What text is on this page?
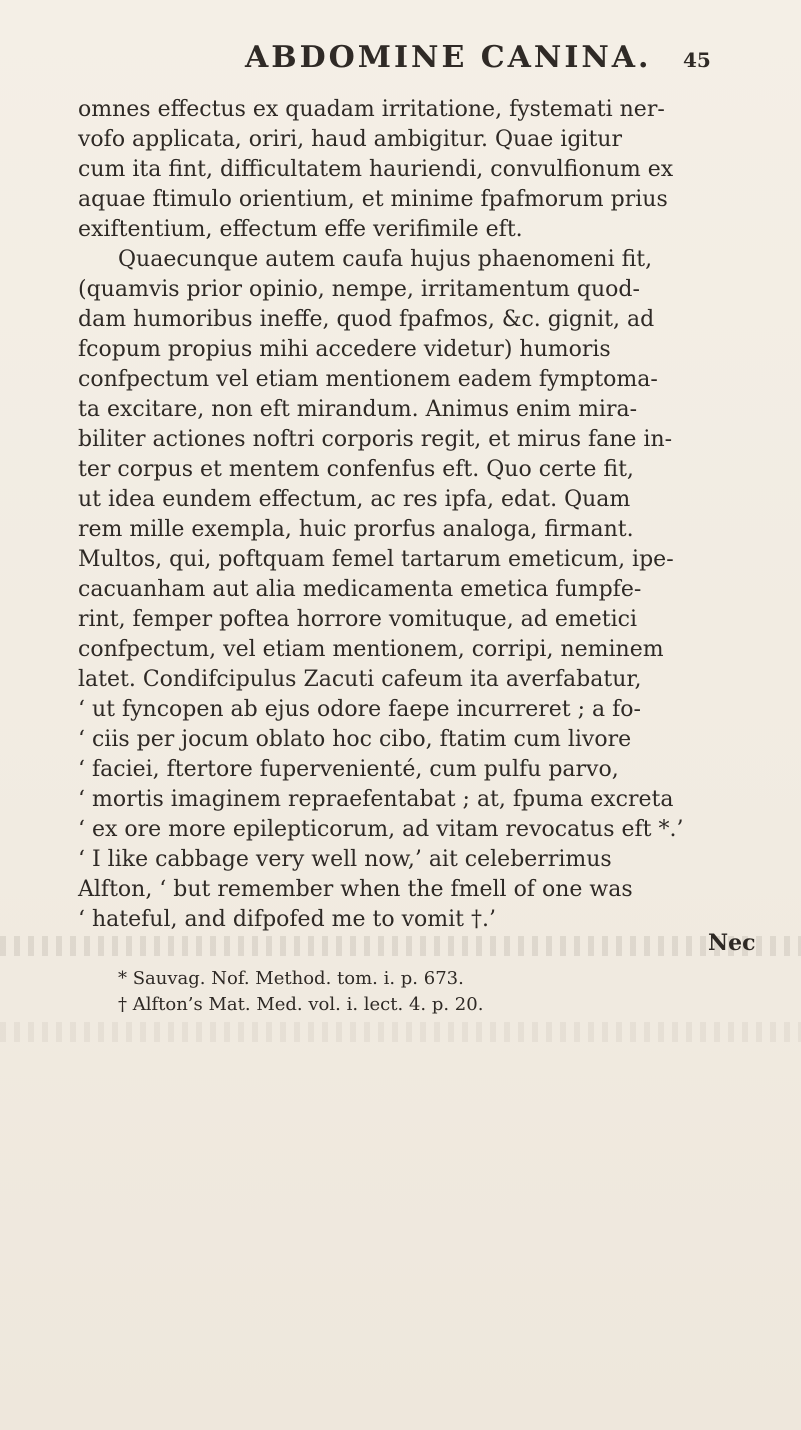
ABDOMINE CANINA. 45
omnes effectus ex quadam irritatione, fystemati ner-
vofo applicata, oriri, haud ambigitur. Quae igitur
cum ita fint, difficultatem hauriendi, convulfionum ex
aquae ftimulo orientium, et minime fpafmorum prius
exiftentium, effectum effe verifimile eft.
Quaecunque autem caufa hujus phaenomeni fit,
(quamvis prior opinio, nempe, irritamentum quod-
dam humoribus ineffe, quod fpafmos, &c. gignit, ad
fcopum propius mihi accedere videtur) humoris
confpectum vel etiam mentionem eadem fymptoma-
ta excitare, non eft mirandum. Animus enim mira-
biliter actiones noftri corporis regit, et mirus fane in-
ter corpus et mentem confenfus eft. Quo certe fit,
ut idea eundem effectum, ac res ipfa, edat. Quam
rem mille exempla, huic prorfus analoga, firmant.
Multos, qui, poftquam femel tartarum emeticum, ipe-
cacuanham aut alia medicamenta emetica fumpfe-
rint, femper poftea horrore vomituque, ad emetici
confpectum, vel etiam mentionem, corripi, neminem
latet. Condifcipulus Zacuti cafeum ita averfabatur,
‘ ut fyncopen ab ejus odore faepe incurreret ; a fo-
‘ ciis per jocum oblato hoc cibo, ftatim cum livore
‘ faciei, ftertore fupervenienté, cum pulfu parvo,
‘ mortis imaginem repraefentabat ; at, fpuma excreta
‘ ex ore more epilepticorum, ad vitam revocatus eft *.’
‘ I like cabbage very well now,’ ait celeberrimus
Alfton, ‘ but remember when the fmell of one was
‘ hateful, and difpofed me to vomit †.’
Nec
* Sauvag. Nof. Method. tom. i. p. 673.
† Alfton’s Mat. Med. vol. i. lect. 4. p. 20.
